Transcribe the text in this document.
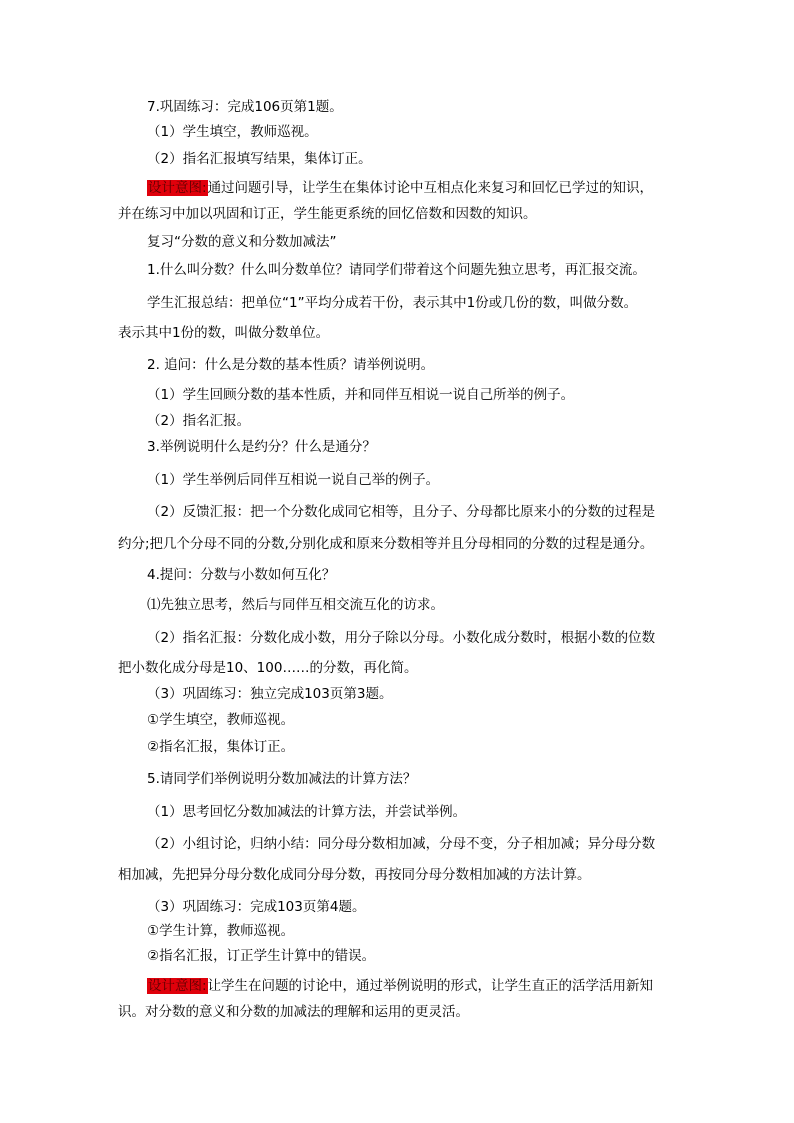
7.巩固练习：完成106页第1题。
（1）学生填空，教师巡视。
（2）指名汇报填写结果，集体订正。
设计意图:通过问题引导，让学生在集体讨论中互相点化来复习和回忆已学过的知识，
并在练习中加以巩固和订正，学生能更系统的回忆倍数和因数的知识。
复习“分数的意义和分数加减法”
1.什么叫分数？什么叫分数单位？请同学们带着这个问题先独立思考，再汇报交流。
学生汇报总结：把单位“1”平均分成若干份，表示其中1份或几份的数，叫做分数。
表示其中1份的数，叫做分数单位。
2. 追问：什么是分数的基本性质？请举例说明。
（1）学生回顾分数的基本性质，并和同伴互相说一说自己所举的例子。
（2）指名汇报。
3.举例说明什么是约分？什么是通分？
（1）学生举例后同伴互相说一说自己举的例子。
（2）反馈汇报：把一个分数化成同它相等，且分子、分母都比原来小的分数的过程是
约分;把几个分母不同的分数,分别化成和原来分数相等并且分母相同的分数的过程是通分。
4.提问：分数与小数如何互化？
⑴先独立思考，然后与同伴互相交流互化的访求。
（2）指名汇报：分数化成小数，用分子除以分母。小数化成分数时，根据小数的位数
把小数化成分母是10、100……的分数，再化简。
（3）巩固练习：独立完成103页第3题。
①学生填空，教师巡视。
②指名汇报，集体订正。
5.请同学们举例说明分数加减法的计算方法？
（1）思考回忆分数加减法的计算方法，并尝试举例。
（2）小组讨论，归纳小结：同分母分数相加减，分母不变，分子相加减；异分母分数
相加减，先把异分母分数化成同分母分数，再按同分母分数相加减的方法计算。
（3）巩固练习：完成103页第4题。
①学生计算，教师巡视。
②指名汇报，订正学生计算中的错误。
设计意图:让学生在问题的讨论中，通过举例说明的形式，让学生直正的活学活用新知
识。对分数的意义和分数的加减法的理解和运用的更灵活。
